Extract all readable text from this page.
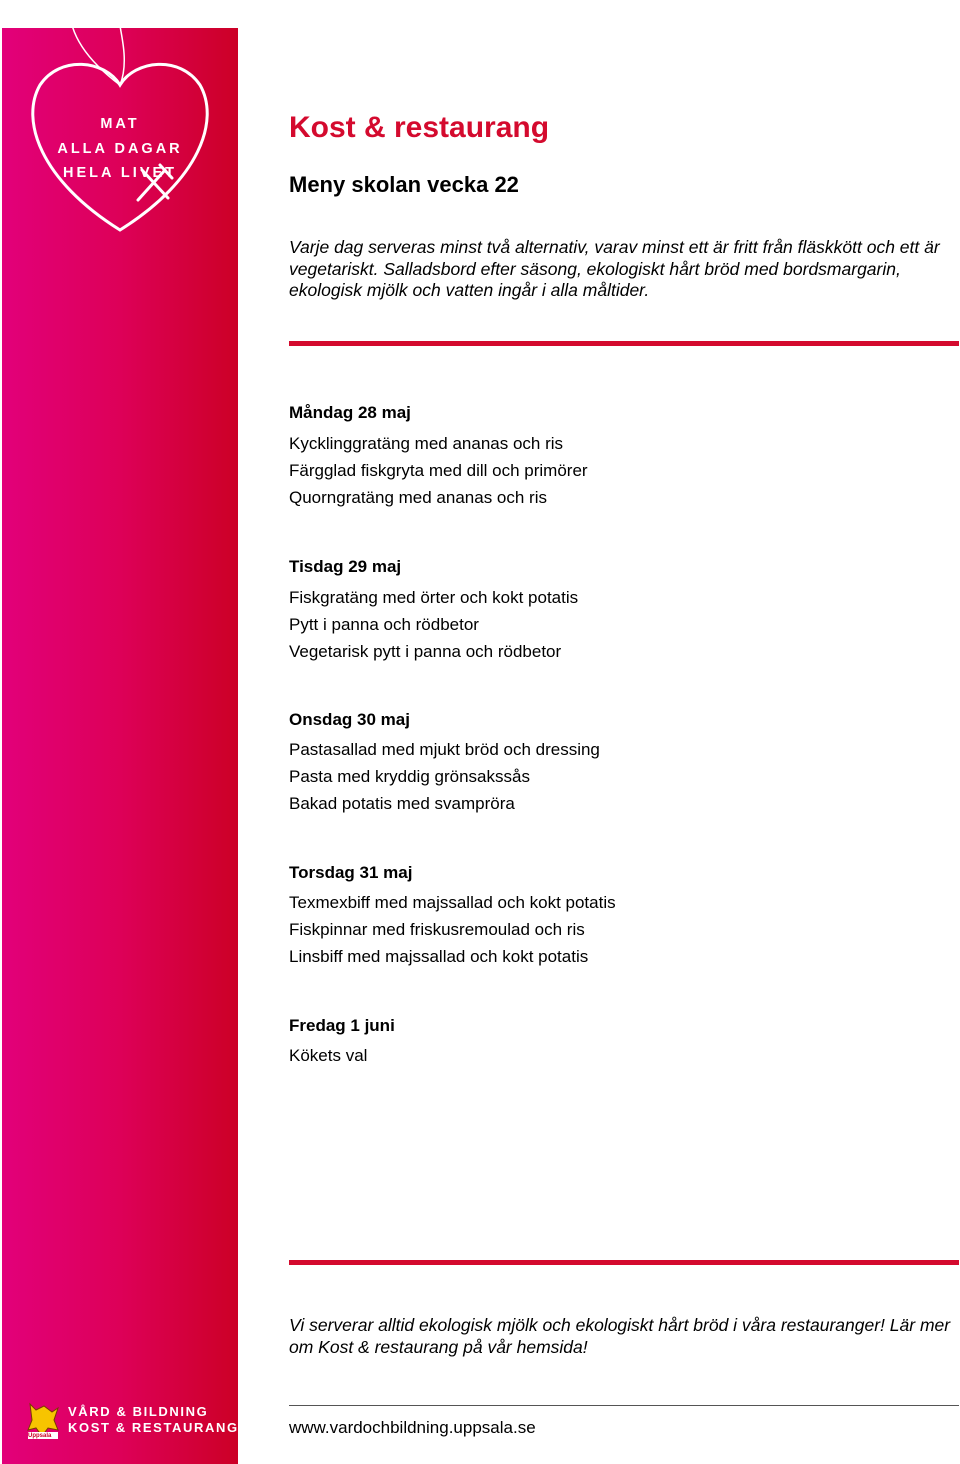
MAT
ALLA DAGAR
HELA LIVET
Uppsala
VÅRD & BILDNING
KOST & RESTAURANG
Kost & restaurang
Meny skolan vecka 22

Varje dag serveras minst två alternativ, varav minst ett är fritt från fläskkött och ett är vegetariskt. Salladsbord efter säsong, ekologiskt hårt bröd med bordsmargarin, ekologisk mjölk och vatten ingår i alla måltider.

Måndag 28 maj

Kycklinggratäng med ananas och ris

Färgglad fiskgryta med dill och primörer

Quorngratäng med ananas och ris

Tisdag 29 maj

Fiskgratäng med örter och kokt potatis

Pytt i panna och rödbetor

Vegetarisk pytt i panna och rödbetor

Onsdag 30 maj

Pastasallad med mjukt bröd och dressing

Pasta med kryddig grönsakssås

Bakad potatis med svampröra

Torsdag 31 maj

Texmexbiff med majssallad och kokt potatis

Fiskpinnar med friskusremoulad och ris

Linsbiff med majssallad och kokt potatis

Fredag 1 juni

Kökets val

Vi serverar alltid ekologisk mjölk och ekologiskt hårt bröd i våra restauranger! Lär mer om Kost & restaurang på vår hemsida!

www.vardochbildning.uppsala.se
